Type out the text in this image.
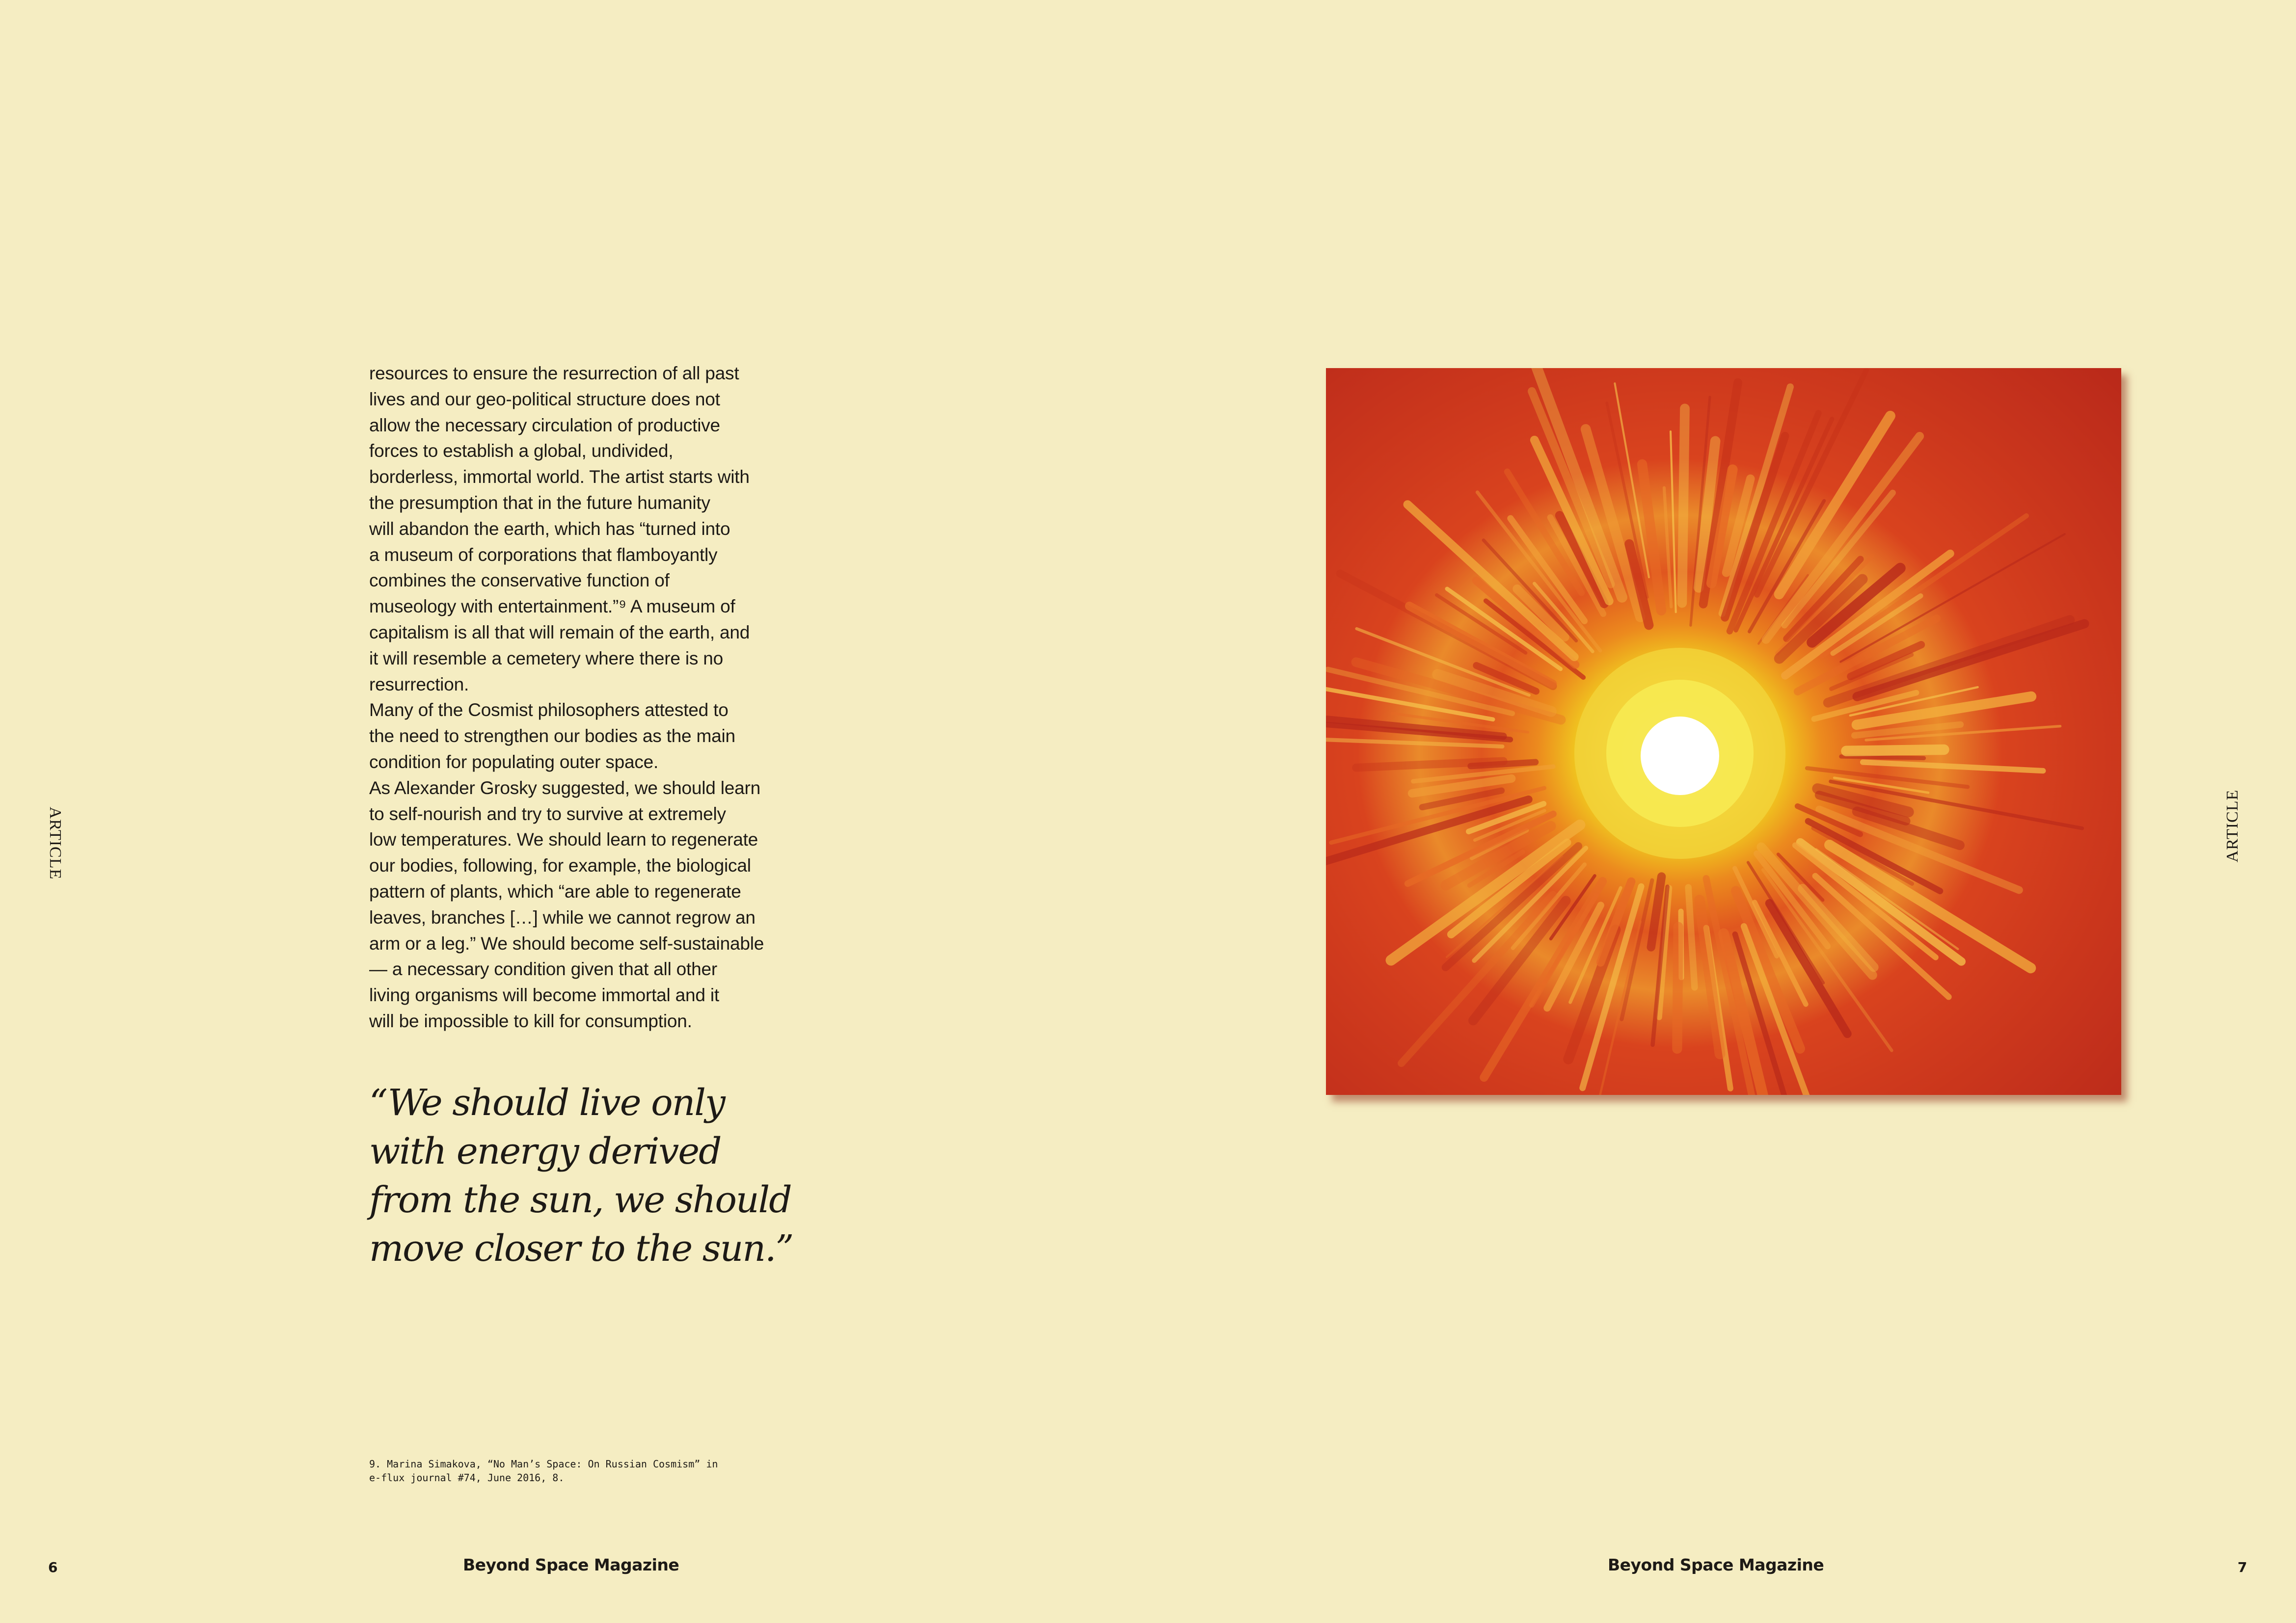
ARTICLE
resources to ensure the resurrection of all past
lives and our geo-political structure does not
allow the necessary circulation of productive
forces to establish a global, undivided,
borderless, immortal world. The artist starts with
the presumption that in the future humanity
will abandon the earth, which has “turned into
a museum of corporations that flamboyantly
combines the conservative function of
museology with entertainment.”⁹ A museum of
capitalism is all that will remain of the earth, and
it will resemble a cemetery where there is no
resurrection.
Many of the Cosmist philosophers attested to
the need to strengthen our bodies as the main
condition for populating outer space.
As Alexander Grosky suggested, we should learn
to self-nourish and try to survive at extremely
low temperatures. We should learn to regenerate
our bodies, following, for example, the biological
pattern of plants, which “are able to regenerate
leaves, branches […] while we cannot regrow an
arm or a leg.” We should become self-sustainable
— a necessary condition given that all other
living organisms will become immortal and it
will be impossible to kill for consumption.
“We should live only
with energy derived
from the sun, we should
move closer to the sun.”
9. Marina Simakova, “No Man’s Space: On Russian Cosmism” in
e-flux journal #74, June 2016, 8.
6	Beyond Space Magazine
ARTICLE
Beyond Space Magazine	7
